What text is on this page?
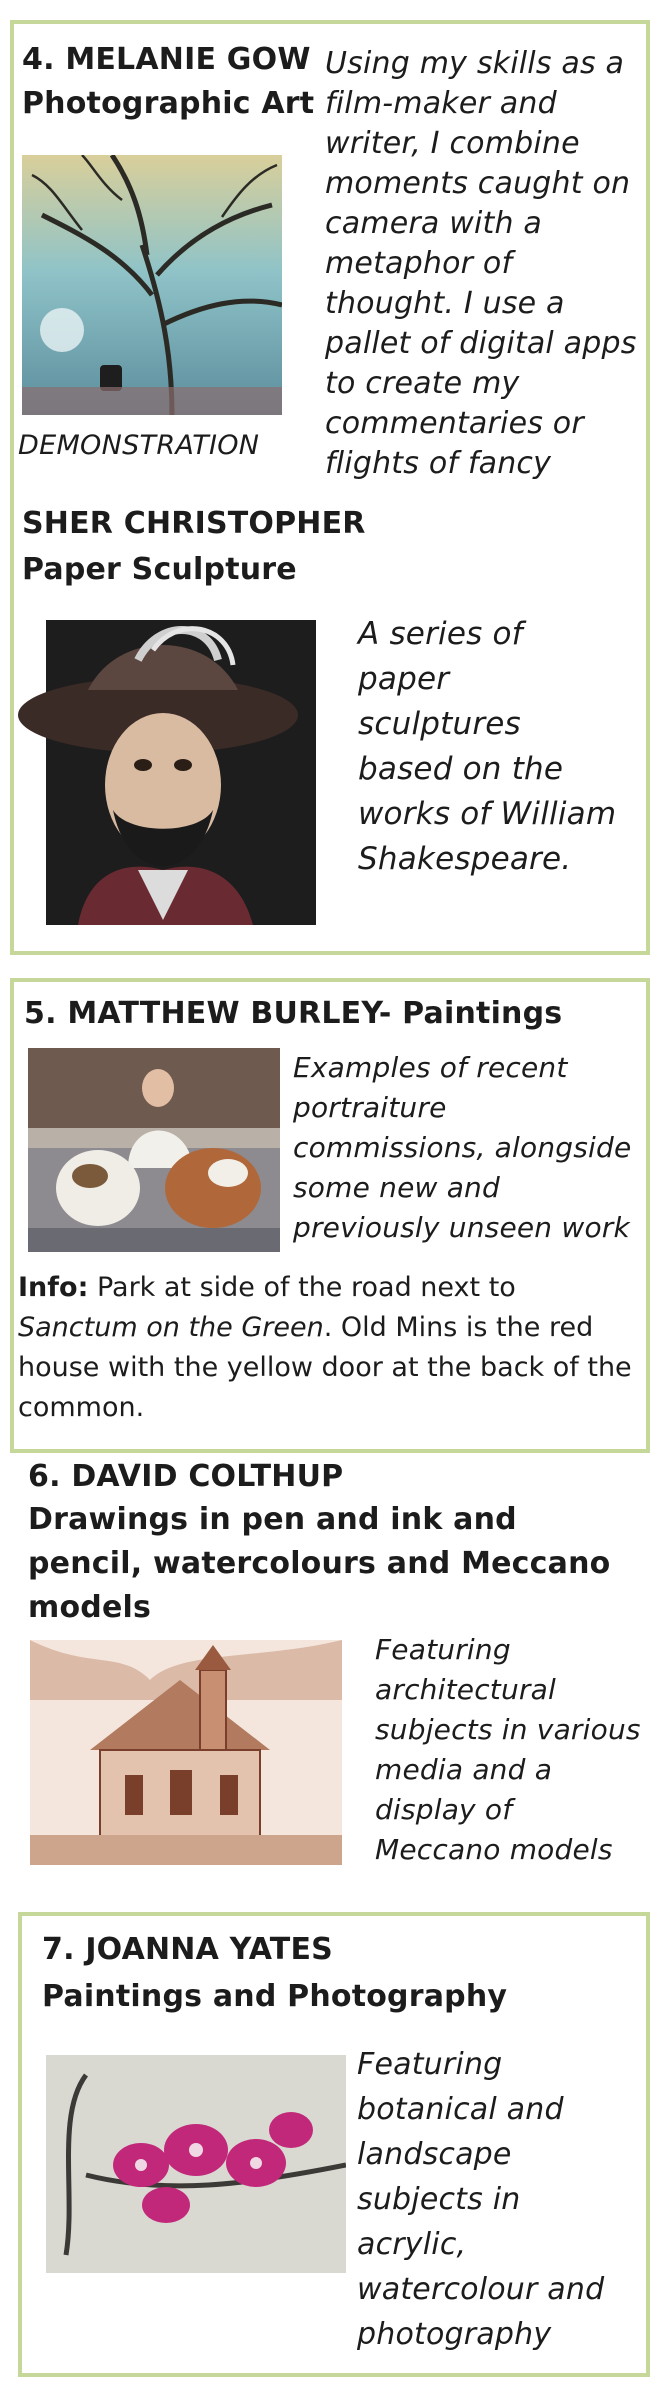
4. MELANIE GOW
Photographic Art
Using my skills as a film-maker and writer, I combine moments caught on camera with a metaphor of thought. I use a pallet of digital apps to create my commentaries or flights of fancy
DEMONSTRATION
SHER CHRISTOPHER
Paper Sculpture
A series of paper sculptures based on the works of William Shakespeare.
5. MATTHEW BURLEY- Paintings
Examples of recent portraiture commissions, alongside some new and previously unseen work
Info: Park at side of the road next to Sanctum on the Green. Old Mins is the red house with the yellow door at the back of the common.
6. DAVID COLTHUP
Drawings in pen and ink and pencil, watercolours and Meccano models
Featuring architectural subjects in various media and a display of Meccano models
7. JOANNA YATES
Paintings and Photography
Featuring botanical and landscape subjects in acrylic, watercolour and photography
